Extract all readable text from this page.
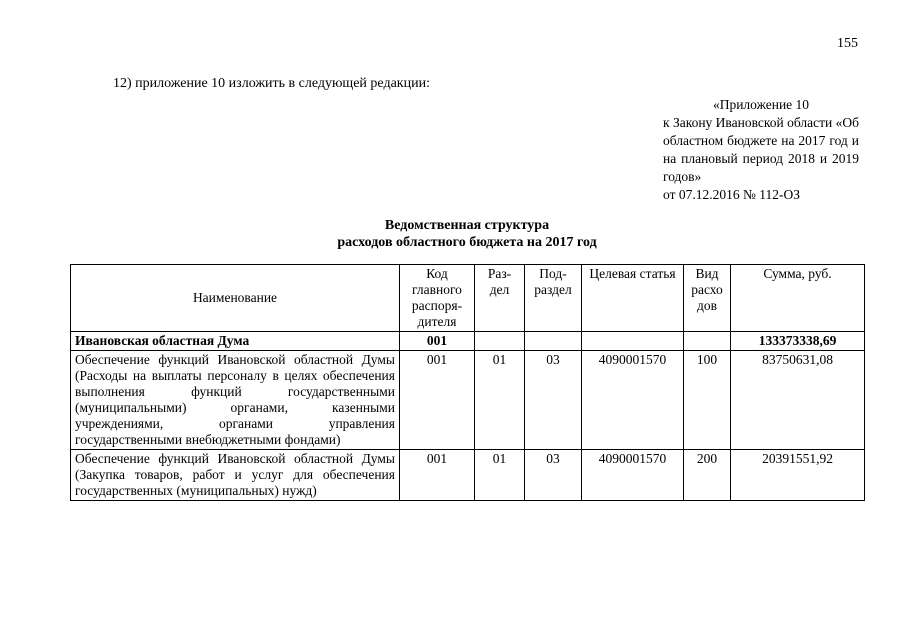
155
12) приложение 10 изложить в следующей редакции:
«Приложение 10
к Закону Ивановской области «Об областном бюджете на 2017 год и на плановый период 2018 и 2019 годов»
от 07.12.2016 № 112-ОЗ
Ведомственная структура
расходов областного бюджета на 2017 год
Наименование	Код главного распоря-дителя	Раз-дел	Под-раздел	Целевая статья	Вид расхо дов	Сумма, руб.
Ивановская областная Дума	001					133373338,69
Обеспечение функций Ивановской областной Думы (Расходы на выплаты персоналу в целях обеспечения выполнения функций государственными (муниципальными) органами, казенными учреждениями, органами управления государственными внебюджетными фондами)	001	01	03	4090001570	100	83750631,08
Обеспечение функций Ивановской областной Думы (Закупка товаров, работ и услуг для обеспечения государственных (муниципальных) нужд)	001	01	03	4090001570	200	20391551,92
